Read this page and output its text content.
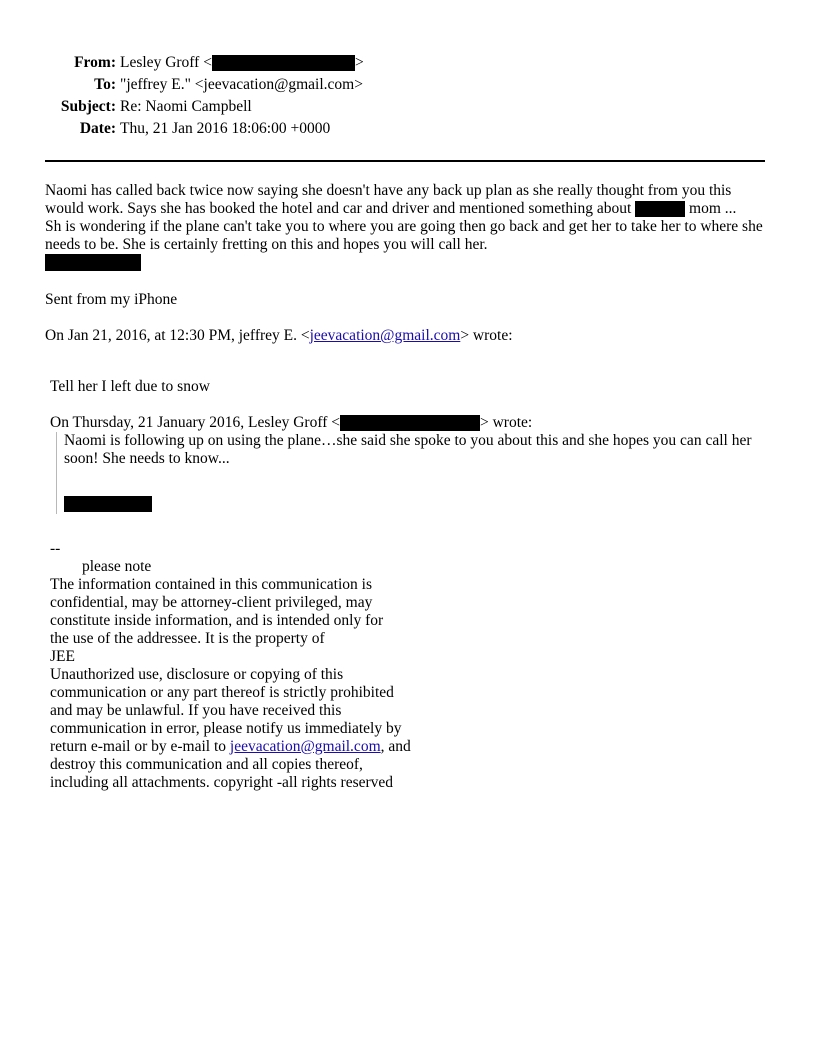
From: Lesley Groff <	>
To: "jeffrey E." <jeevacation@gmail.com>
Subject: Re: Naomi Campbell
Date: Thu, 21 Jan 2016 18:06:00 +0000

Naomi has called back twice now saying she doesn't have any back up plan as she really thought from you this would work. Says she has booked the hotel and car and driver and mentioned something about	mom ...
Sh is wondering if the plane can't take you to where you are going then go back and get her to take her to where she needs to be. She is certainly fretting on this and hopes you will call her.

Sent from my iPhone

On Jan 21, 2016, at 12:30 PM, jeffrey E. <jeevacation@gmail.com> wrote:

Tell her I left due to snow
On Thursday, 21 January 2016, Lesley Groff <	> wrote:
Naomi is following up on using the plane…she said she spoke to you about this and she hopes you can call her soon! She needs to know...
--
please note
The information contained in this communication is
confidential, may be attorney-client privileged, may
constitute inside information, and is intended only for
the use of the addressee. It is the property of
JEE
Unauthorized use, disclosure or copying of this
communication or any part thereof is strictly prohibited
and may be unlawful. If you have received this
communication in error, please notify us immediately by
return e-mail or by e-mail to jeevacation@gmail.com, and
destroy this communication and all copies thereof,
including all attachments. copyright -all rights reserved
